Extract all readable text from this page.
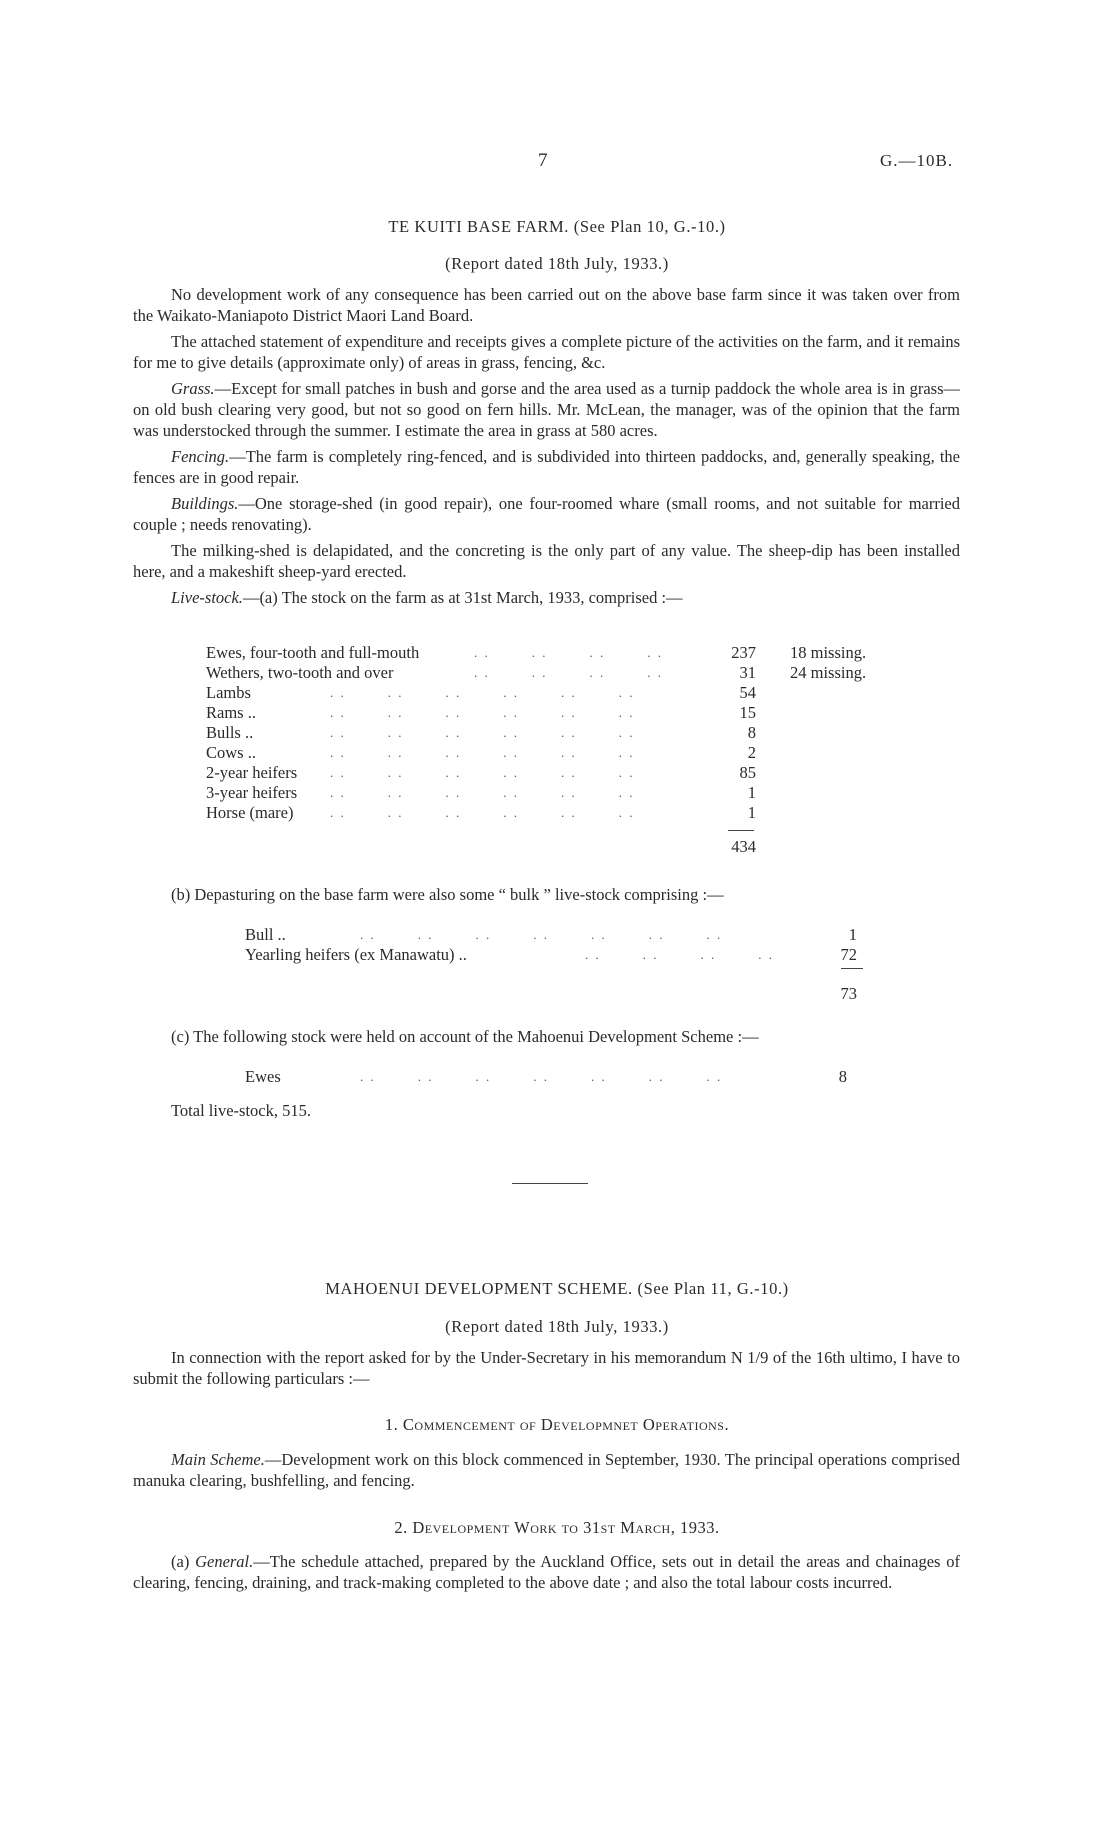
7	G.—10B.
TE KUITI BASE FARM. (See Plan 10, G.-10.)
(Report dated 18th July, 1933.)

No development work of any consequence has been carried out on the above base farm since it was taken over from the Waikato-Maniapoto District Maori Land Board.

The attached statement of expenditure and receipts gives a complete picture of the activities on the farm, and it remains for me to give details (approximate only) of areas in grass, fencing, &c.

Grass.—Except for small patches in bush and gorse and the area used as a turnip paddock the whole area is in grass—on old bush clearing very good, but not so good on fern hills. Mr. McLean, the manager, was of the opinion that the farm was understocked through the summer. I estimate the area in grass at 580 acres.

Fencing.—The farm is completely ring-fenced, and is subdivided into thirteen paddocks, and, generally speaking, the fences are in good repair.

Buildings.—One storage-shed (in good repair), one four-roomed whare (small rooms, and not suitable for married couple ; needs renovating).

The milking-shed is delapidated, and the concreting is the only part of any value. The sheep-dip has been installed here, and a makeshift sheep-yard erected.

Live-stock.—(a) The stock on the farm as at 31st March, 1933, comprised :—

Ewes, four-tooth and full-mouth	. .        . .        . .        . .	237 18 missing.
Wethers, two-tooth and over	. .        . .        . .        . .	31 24 missing.
Lambs	. .        . .        . .        . .        . .        . .	54
Rams ..	. .        . .        . .        . .        . .        . .	15
Bulls ..	. .        . .        . .        . .        . .        . .	8
Cows ..	. .        . .        . .        . .        . .        . .	2
2-year heifers	. .        . .        . .        . .        . .        . .	85
3-year heifers	. .        . .        . .        . .        . .        . .	1
Horse (mare)	. .        . .        . .        . .        . .        . .	1
434
(b) Depasturing on the base farm were also some “ bulk ” live-stock comprising :—
Bull ..	. .        . .        . .        . .        . .        . .        . .	1
Yearling heifers (ex Manawatu) ..	. .        . .        . .        . .	72
73
(c) The following stock were held on account of the Mahoenui Development Scheme :—
Ewes	. .        . .        . .        . .        . .        . .        . .	8
Total live-stock, 515.
MAHOENUI DEVELOPMENT SCHEME. (See Plan 11, G.-10.)
(Report dated 18th July, 1933.)

In connection with the report asked for by the Under-Secretary in his memorandum N 1/9 of the 16th ultimo, I have to submit the following particulars :—

1. Commencement of Developmnet Operations.

Main Scheme.—Development work on this block commenced in September, 1930. The principal operations comprised manuka clearing, bushfelling, and fencing.

2. Development Work to 31st March, 1933.

(a) General.—The schedule attached, prepared by the Auckland Office, sets out in detail the areas and chainages of clearing, fencing, draining, and track-making completed to the above date ; and also the total labour costs incurred.
